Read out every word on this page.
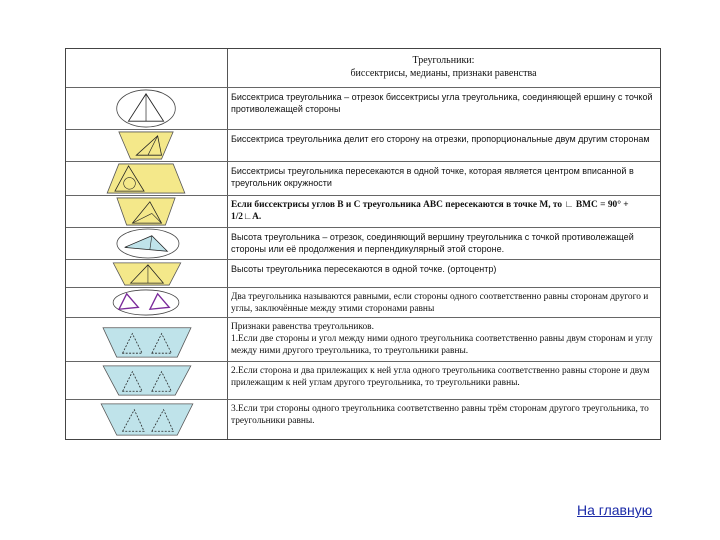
Треугольники:
биссектрисы, медианы, признаки равенства
Биссектриса треугольника – отрезок биссектрисы угла треугольника, соединяющей ершину с точкой противолежащей стороны
Биссектриса треугольника делит его сторону на отрезки, пропорциональные двум другим сторонам
Биссектрисы треугольника пересекаются в одной точке, которая является центром вписанной в треугольник окружности
Если биссектрисы углов B и C треугольника ABC пересекаются в точке M, то ∟ BMC = 90° + 1/2∟A.
Высота треугольника – отрезок, соединяющий вершину треугольника с точкой противолежащей стороны или её продолжения и перпендикулярный этой стороне.
Высоты треугольника пересекаются в одной точке. (ортоцентр)
Два треугольника называются равными, если стороны одного соответственно равны сторонам другого и углы, заключённые между этими сторонами равны
Признаки равенства треугольников.
1.Если две стороны и угол между ними одного треугольника соответственно равны двум сторонам и углу между ними другого треугольника, то треугольники равны.
2.Если сторона и два прилежащих к ней угла одного треугольника соответственно равны стороне и двум прилежащим к ней углам другого треугольника, то треугольники равны.
3.Если три стороны одного треугольника соответственно равны трём сторонам другого треугольника, то треугольники равны.
На главную
